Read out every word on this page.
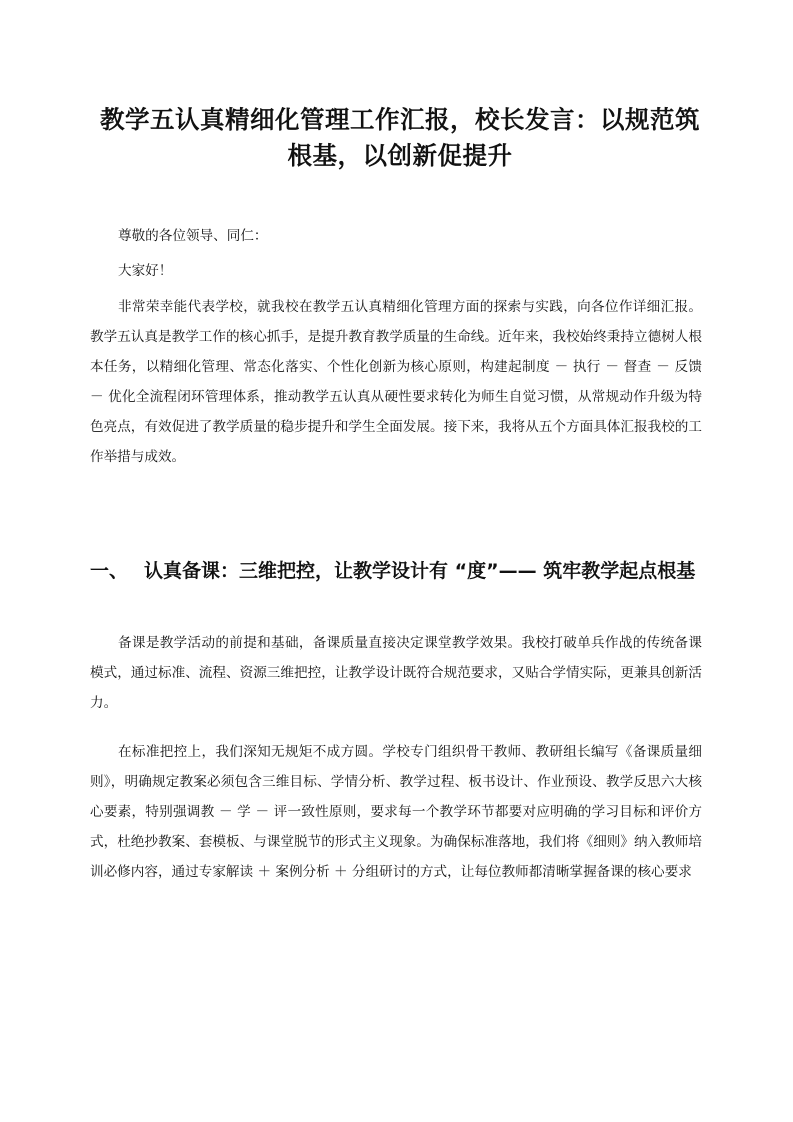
教学五认真精细化管理工作汇报，校长发言：以规范筑根基，以创新促提升

尊敬的各位领导、同仁：

大家好！

非常荣幸能代表学校，就我校在教学五认真精细化管理方面的探索与实践，向各位作详细汇报。教学五认真是教学工作的核心抓手，是提升教育教学质量的生命线。近年来，我校始终秉持立德树人根本任务，以精细化管理、常态化落实、个性化创新为核心原则，构建起制度 － 执行 － 督查 － 反馈 － 优化全流程闭环管理体系，推动教学五认真从硬性要求转化为师生自觉习惯，从常规动作升级为特色亮点，有效促进了教学质量的稳步提升和学生全面发展。接下来，我将从五个方面具体汇报我校的工作举措与成效。

一、 认真备课：三维把控，让教学设计有 “度”—— 筑牢教学起点根基

备课是教学活动的前提和基础，备课质量直接决定课堂教学效果。我校打破单兵作战的传统备课模式，通过标准、流程、资源三维把控，让教学设计既符合规范要求，又贴合学情实际，更兼具创新活力。

在标准把控上，我们深知无规矩不成方圆。学校专门组织骨干教师、教研组长编写《备课质量细则》，明确规定教案必须包含三维目标、学情分析、教学过程、板书设计、作业预设、教学反思六大核心要素，特别强调教 － 学 － 评一致性原则，要求每一个教学环节都要对应明确的学习目标和评价方式，杜绝抄教案、套模板、与课堂脱节的形式主义现象。为确保标准落地，我们将《细则》纳入教师培训必修内容，通过专家解读 ＋ 案例分析 ＋ 分组研讨的方式，让每位教师都清晰掌握备课的核心要求
